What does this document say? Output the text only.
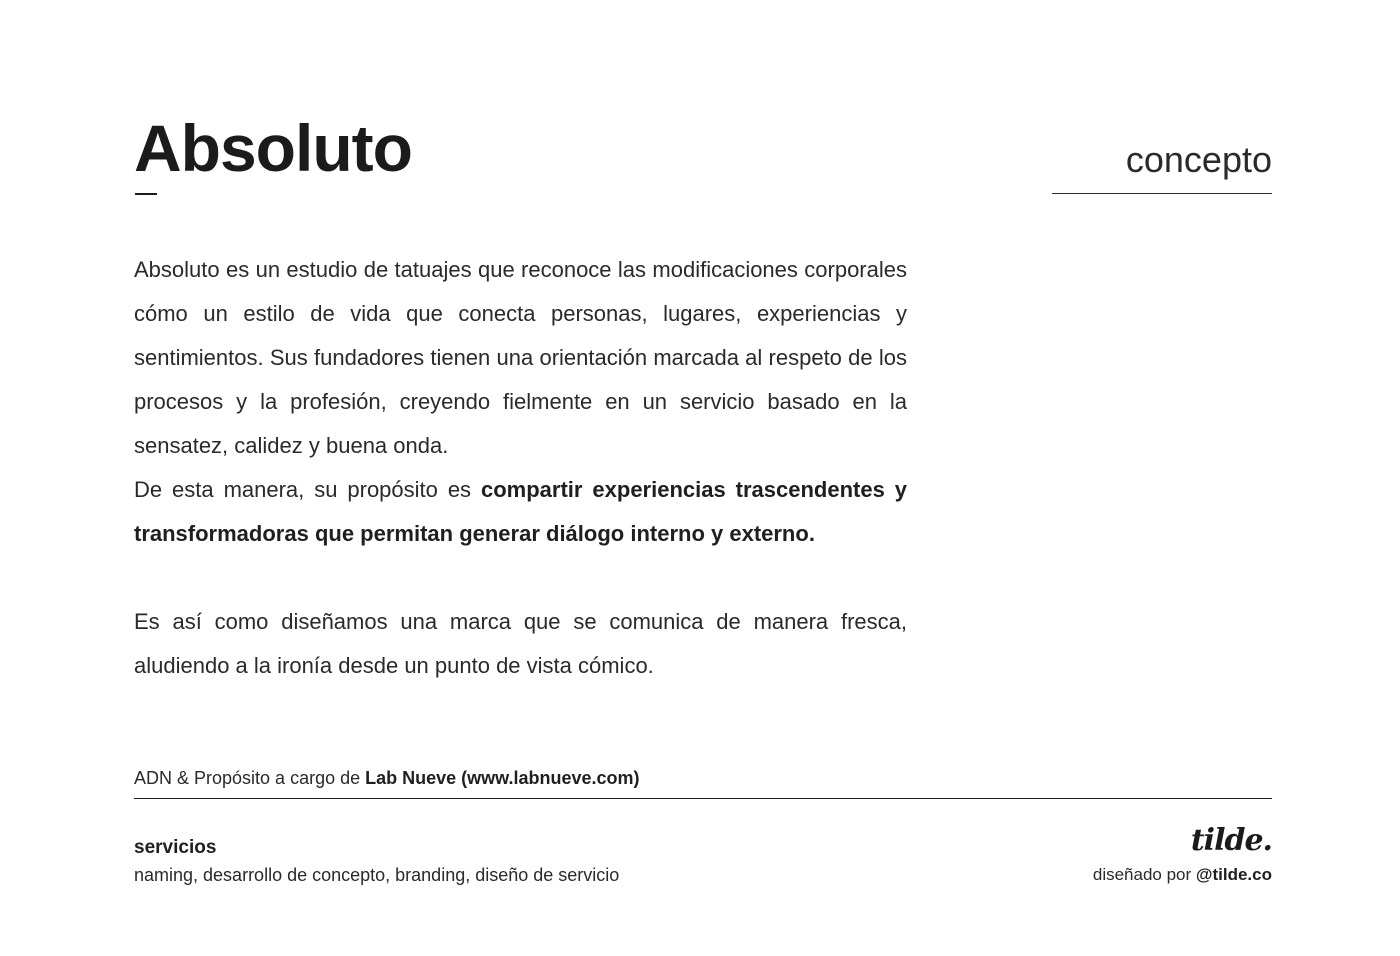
Absoluto	concepto

Absoluto es un estudio de tatuajes que reconoce las modificaciones corporales cómo un estilo de vida que conecta personas, lugares, experiencias y sentimientos. Sus fundadores tienen una orientación marcada al respeto de los procesos y la profesión, creyendo fielmente en un servicio basado en la sensatez, calidez y buena onda.

De esta manera, su propósito es compartir experiencias trascendentes y transformadoras que permitan generar diálogo interno y externo.

Es así como diseñamos una marca que se comunica de manera fresca, aludiendo a la ironía desde un punto de vista cómico.

ADN & Propósito a cargo de Lab Nueve (www.labnueve.com)
servicios
naming, desarrollo de concepto, branding, diseño de servicio
tilde.
diseñado por @tilde.co
